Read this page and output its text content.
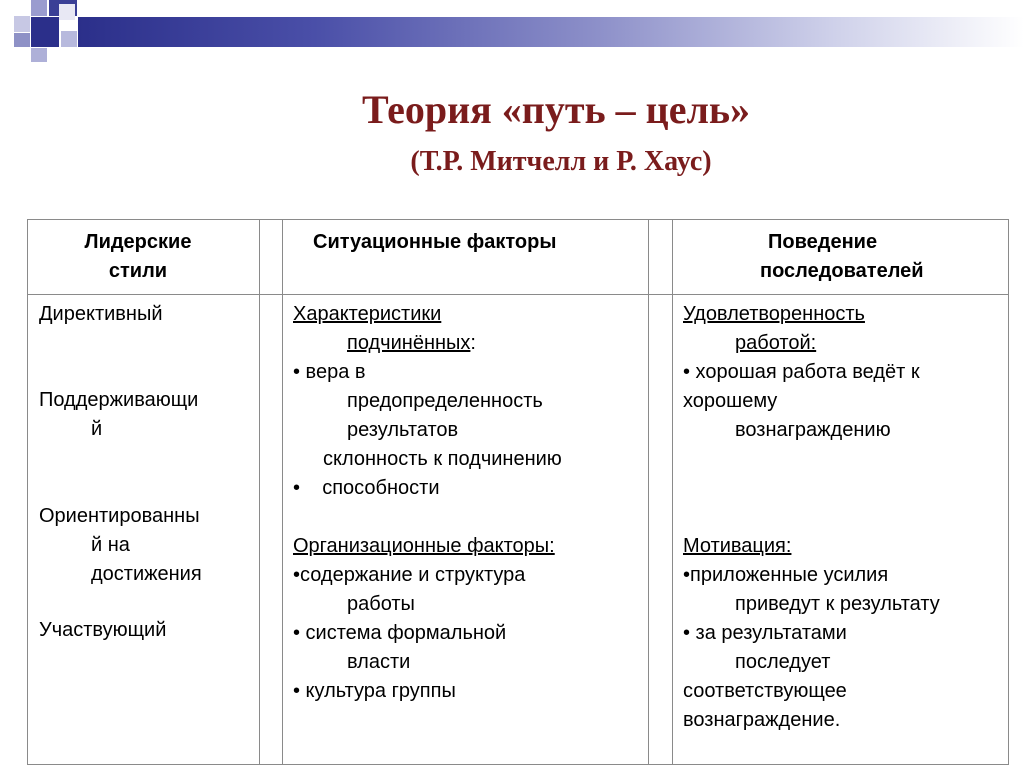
Теория «путь – цель»
(Т.Р. Митчелл и Р. Хаус)
Лидерские
стили
Ситуационные факторы	Поведение
последователей
Директивный
Поддерживающи
й
Ориентированны
й на
достижения
Участвующий
Характеристики
подчинённых:
• вера в
предопределенность
результатов
склонность к подчинению
•    способности
Организационные факторы:
•содержание и структура
работы
• система формальной
власти
• культура группы
Удовлетворенность
работой:
• хорошая работа ведёт к
хорошему
вознаграждению
Мотивация:
•приложенные усилия
приведут к результату
• за результатами
последует
соответствующее
вознаграждение.
